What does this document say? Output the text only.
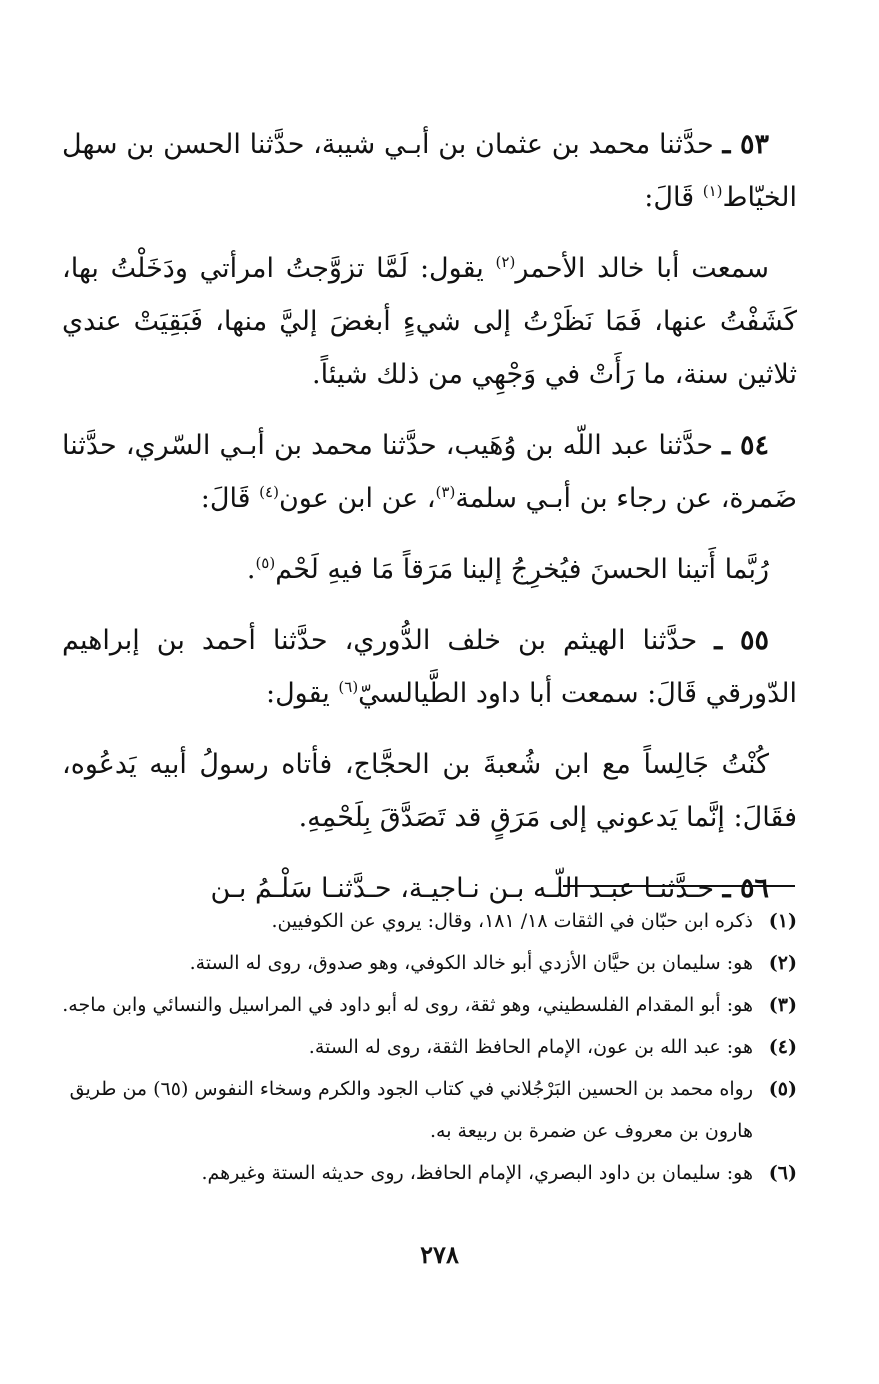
٥٣ ـ حدَّثنا محمد بن عثمان بن أبـي شيبة، حدَّثنا الحسن بن سهل الخيّاط$^{(١)}$ قَالَ:

سمعت أبا خالد الأحمر$^{(٢)}$ يقول: لَمَّا تزوَّجتُ امرأتي ودَخَلْتُ بها، كَشَفْتُ عنها، فَمَا نَظَرْتُ إلى شيءٍ أبغضَ إليَّ منها، فَبَقِيَتْ عندي ثلاثين سنة، ما رَأَتْ في وَجْهِي من ذلك شيئاً.

٥٤ ـ حدَّثنا عبد اللّه بن وُهَيب، حدَّثنا محمد بن أبـي السّري، حدَّثنا ضَمرة، عن رجاء بن أبـي سلمة$^{(٣)}$، عن ابن عون$^{(٤)}$ قَالَ:

رُبَّما أَتينا الحسنَ فيُخرِجُ إلينا مَرَقاً مَا فيهِ لَحْم$^{(٥)}$.

٥٥ ـ حدَّثنا الهيثم بن خلف الدُّوري، حدَّثنا أحمد بن إبراهيم الدّورقي قَالَ: سمعت أبا داود الطَّيالسيّ$^{(٦)}$ يقول:

كُنْتُ جَالِساً مع ابن شُعبةَ بن الحجَّاج، فأتاه رسولُ أبيه يَدعُوه، فقَالَ: إنَّما يَدعوني إلى مَرَقٍ قد تَصَدَّقَ بِلَحْمِهِ.

٥٦ ـ حـدَّثنـا عبـد اللّـه بـن نـاجيـة، حـدَّثنـا سَلْـمُ بـن

(١)
ذكره ابن حبّان في الثقات ١٨/ ١٨١، وقال: يروي عن الكوفيين.
(٢)
هو: سليمان بن حيَّان الأزدي أبو خالد الكوفي، وهو صدوق، روى له الستة.
(٣)
هو: أبو المقدام الفلسطيني، وهو ثقة، روى له أبو داود في المراسيل والنسائي وابن ماجه.
(٤)
هو: عبد الله بن عون، الإمام الحافظ الثقة، روى له الستة.
(٥)
رواه محمد بن الحسين البَرْجُلاني في كتاب الجود والكرم وسخاء النفوس (٦٥) من طريق هارون بن معروف عن ضمرة بن ربيعة به.
(٦)
هو: سليمان بن داود البصري، الإمام الحافظ، روى حديثه الستة وغيرهم.
٢٧٨
